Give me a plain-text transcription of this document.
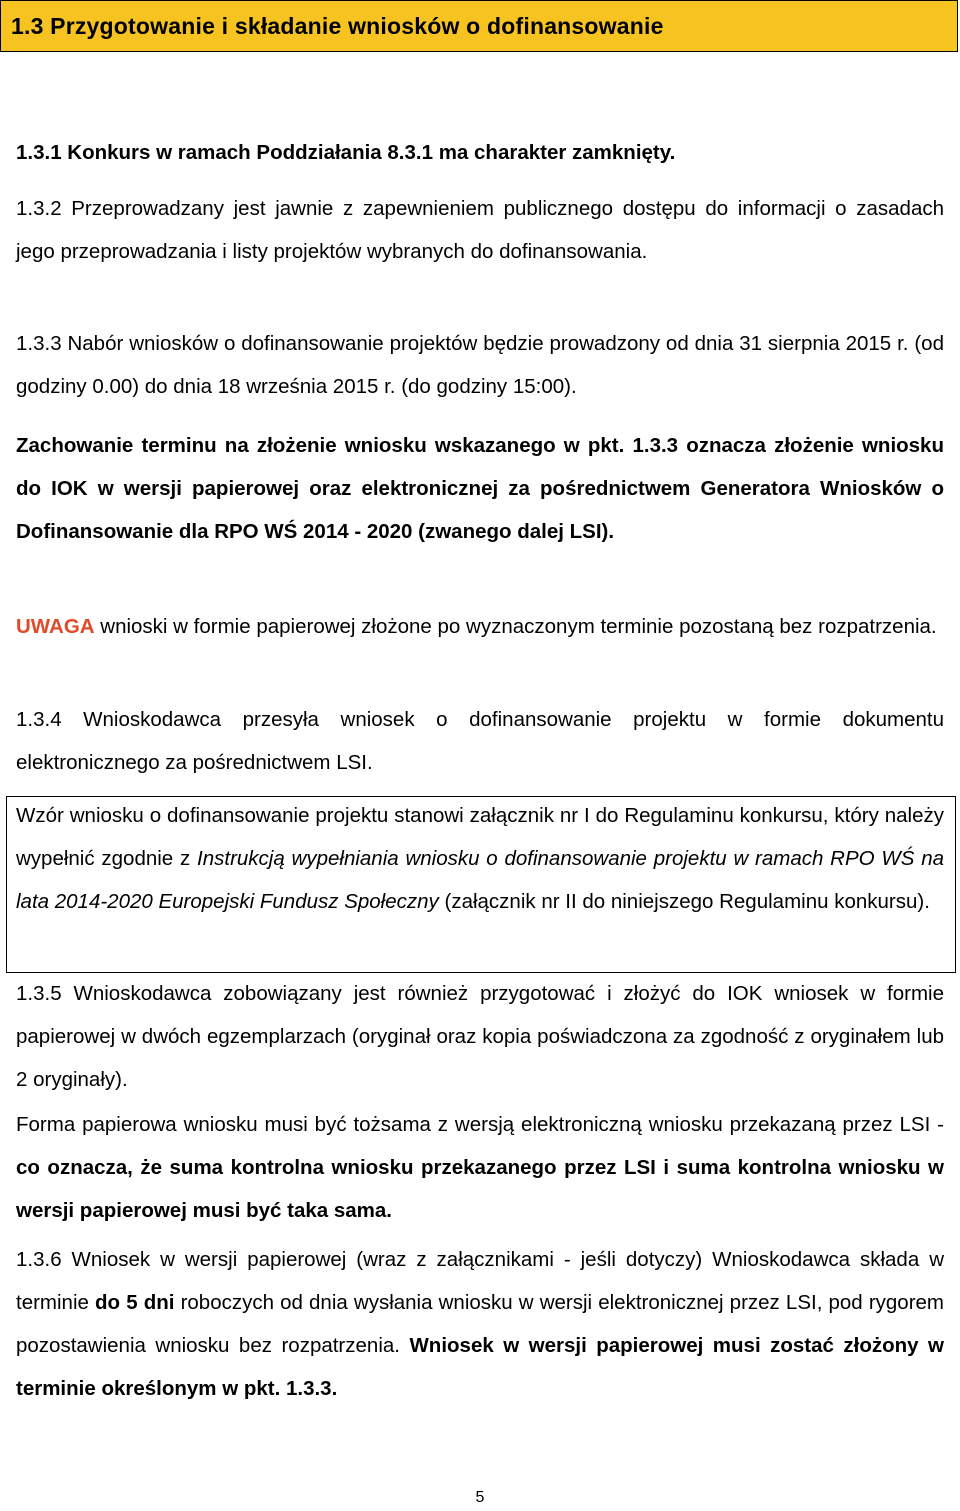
1.3 Przygotowanie i składanie wniosków o dofinansowanie

1.3.1 Konkurs w ramach Poddziałania 8.3.1 ma charakter zamknięty.

1.3.2 Przeprowadzany jest jawnie z zapewnieniem publicznego dostępu do informacji o zasadach jego przeprowadzania i listy projektów wybranych do dofinansowania.

1.3.3 Nabór wniosków o dofinansowanie projektów będzie prowadzony od dnia 31 sierpnia 2015 r. (od godziny 0.00) do dnia 18 września 2015 r. (do godziny 15:00).

Zachowanie terminu na złożenie wniosku wskazanego w pkt. 1.3.3 oznacza złożenie wniosku do IOK w wersji papierowej oraz elektronicznej za pośrednictwem Generatora Wniosków o Dofinansowanie dla RPO WŚ 2014 - 2020 (zwanego dalej LSI).

UWAGA wnioski w formie papierowej złożone po wyznaczonym terminie pozostaną bez rozpatrzenia.

1.3.4 Wnioskodawca przesyła wniosek o dofinansowanie projektu w formie dokumentu elektronicznego za pośrednictwem LSI.

Wzór wniosku o dofinansowanie projektu stanowi załącznik nr I do Regulaminu konkursu, który należy wypełnić zgodnie z Instrukcją wypełniania wniosku o dofinansowanie projektu w ramach RPO WŚ na lata 2014-2020 Europejski Fundusz Społeczny (załącznik nr II do niniejszego Regulaminu konkursu).

1.3.5 Wnioskodawca zobowiązany jest również przygotować i złożyć do IOK wniosek w formie papierowej w dwóch egzemplarzach (oryginał oraz kopia poświadczona za zgodność z oryginałem lub 2 oryginały).

Forma papierowa wniosku musi być tożsama z wersją elektroniczną wniosku przekazaną przez LSI - co oznacza, że suma kontrolna wniosku przekazanego przez LSI i suma kontrolna wniosku w wersji papierowej musi być taka sama.

1.3.6 Wniosek w wersji papierowej (wraz z załącznikami - jeśli dotyczy) Wnioskodawca składa w terminie do 5 dni roboczych od dnia wysłania wniosku w wersji elektronicznej przez LSI, pod rygorem pozostawienia wniosku bez rozpatrzenia. Wniosek w wersji papierowej musi zostać złożony w terminie określonym w pkt. 1.3.3.

5
